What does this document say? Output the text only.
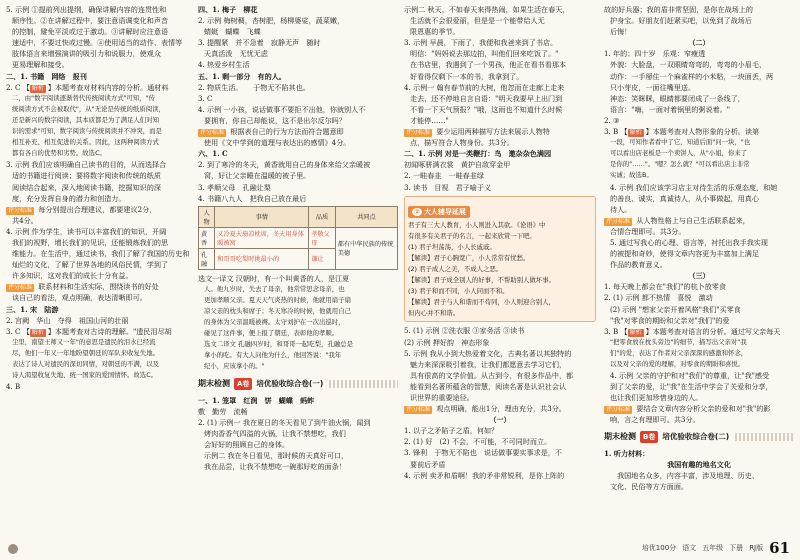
5. 示例 ①提前列出提纲，确保讲解内容的连贯性和
顺序性。②在讲解过程中，要注意语调变化和声音
的控制，避免平淡或过于激动。③讲解时应注意语
速适中，不要过快或过慢。④使用适当的动作、表情等
肢体语言来增强演讲的吸引力和说服力，使观众
更易理解和接受。
二、1. 书籍　网络　报刊
2. C 【 解析 】本题考查对材料内容的分析。通材料
二，由"数字阅读逐渐替代传统阅读方式"可知，"传
统阅读方式不会被取代"，从"无论是传统的纸质阅读，
还是新兴的数字阅读，其本质都是为了满足人们对知
识的需求"可知，数字阅读与传统阅读并不冲突，而是
相互补充、相互促进的关系。因此，这两种阅读方式
都有各自的优势和劣势。故选C。
3. 示例 我们应该明确自己读书的目的，从而选择合
适的书籍进行阅读；要将数字阅读和传统的纸质
阅读结合起来，深入地阅读书籍，挖掘知识的深
度，充分发挥自身的潜力和创造力。
评分标准 每分别提出合理建议，都要建议2分，
共4分。
4. 示例 作为学生，读书可以丰富我们的知识，开阔
我们的视野，增长我们的见识，还能锻炼我们的思
维能力。在生活中，通过读书，我们了解了我国的历史和
灿烂的文化，了解了世界各地的风俗民情，学到了
许多知识，这对我们的成长十分有益。
评分标准 联系材料和生活实际，围绕读书的好处
谈自己的看法，观点明确，表达清晰即可。
三、1. 宋　陆游
2. 宫阙　华山　夺得　祖国山河的壮丽
3. C 【 解析 】本题考查对古诗的理解。"遗民泪尽胡
尘里，南望王师又一年"的意思是遗民的泪水已经流
尽，他们一年又一年地盼望朝廷的军队来收复失地。
表达了诗人对遗民的深切同情，对朝廷的不满，以及
诗人渴望收复失地、统一国家的爱国情怀。故选C。
4. B
四、1. 梅子　柳花
2. 示例 梅树稠，杏树肥，杨柳婆娑，蔬菜嫩，
蜻蜓　蝴蝶　飞蝶
3. 提醒紧　并不急着　寂静无声　随时
天真活泼　无忧无虑
4. 热爱乡村生活
五、1. 剩一部分　有的人。
2. 物质生活。　　于物无不陷其也。
3. C
4. 示例 一小孩，说话做事不要拒不出他，你就别人不
要拥有，你自己却能说，这不是出尔反尔吗？
评分标准 根据表自己的行为方法而符合题意即
使用《文中学到的道理与表达出的感情》4分。
六、1. C
2. 到了寒冷的冬天，黄香就用自己的身体来给父亲暖被
窝，好让父亲睡在温暖的被子里。
3. 孝顺父母　孔融让梨
4. 书籍八九人　把我自己放在最后
人物	事情	品质	共同点
黄香	又冷夏天扇凉枕席，冬天用身体暖被窝	孝敬父母	都有中华民族的传统美德
孔融	和哥哥吃梨时挑最小的	谦让	
选文一译文 汉朝时，有一个叫黄香的人，是江夏
人。他九岁时，失去了母亲，他常常思念母亲，也
更加孝顺父亲。夏天天气炎热的时候，他就用扇子扇
凉父亲的枕头和席子；冬天寒冷的时候，他就用自己
的身体为父亲温暖被褥。太守刘护在一次出巡时，
碰见了这件事，便上报了朝廷，表彰他的孝顺。
选文二译文 孔融四岁时，和哥哥一起吃梨，孔融总是
拿小的吃。有大人问他为什么，他回答说："我年
纪小，应该拿小的。"
期末检测	A卷 培优验收综合卷(一)
一、1. 笼罩　红润　饼　蝴蝶　蚂蚱
敷　勤劳　流畅
2. (1) 示例一 我在夏日的冬天看见了到牛油火锅，闻到
烤肉香香气四溢的火锅，让我不禁想吃，我们
会好好的照顾自己的身体。
示例二 我在冬日看见，那时候的天真好可口，
我在品尝，让我不禁想吃一碗那好吃的面条！
示例二 秋天，不如春天来得热闹，如果生活在春天，
生活就不会很爱丽，但是是一个能带给人无
限恩惠的季节。
3. 示例 早晨，下雨了，我便和我爸来到了书店。
明信："妈妈说去那边拍，叫他们回来吃饭了。"
在书店里，我遇到了一个男孩，他正在看书看那本
好看得仅剩下一本的书，我拿到了。
4. 示例一 翰有春节前的大树，他忽而在走廊上走来
走去，还不停地自言自语："明天我要早上出门到
不看一下天气预报？"哦，这雨也不知道什么时候
才能停……"
评分标准 要少运用两种描写方法来展示人物特
点，描写符合人物身份。共3分。
二、1. 示例 对是一类鞭打：鸟　邀杂杂色满园
初闻啄骈满衣裳　黄护自敌穿金甲
2. 一畦春韭　一畦春韭绿
3. 读书　目视　君子喻于义
② 大人辅导延展
君子有三大人教育，小人则进入其欲。《论语》中
有很多有关君子的名言，一起来欣赏一下吧。
(1) 君子坦荡荡，小人长戚戚。
【解读】君子心胸宽广，小人常常有忧愁。
(2) 君子成人之美，不成人之恶。
【解读】君子成全别人的好事，不帮助别人做坏事。
(3) 君子和而不同，小人同而不和。
【解读】君子与人和谐而不苟同，小人则迎合别人，
但内心并不和谐。
5. (1) 示例 ②洗衣服 ③家务活 ③读书
(2) 示例 押好韵　神态形象
5. 示例 我从小到大热爱着文化，古典名著以其独特的
魅力来深深吸引着我，让我们都愿意去学习它们，
具有很高的文学价值。从古到今，有很多作品中，都
能看到名著所蕴含的智慧，阅读名著是认识社会认
识世界的重要途径。
评分标准 观点明确，能出1分，理由充分，共3分。
（一）
1. 以子之矛陷子之盾，何如？
2. (1) 好　(2) 不会，不可能，不可同时而立。
3. 锋利　于物无不陷也　说话做事要实事求是，不
要前后矛盾
4. 示例 卖矛和盾啊！我的矛非常锐利，是你上阵的
故的好兵器；我的盾非常坚固，是你在战场上的
护身宝。好朋友们赶紧买吧，以免到了战场后
后悔！
（二）
1. 年的；四十岁　乐观：窄瘦透
外貌：大脸盘，一双眼睛弯弯的，弯弯的小眉毛，
动作：一手掰住一个麻雀样的小米粘，一块面丢，两
只小芽皮，一面往嘴里送。
神态：笑眯眯，眼睛都要闭成了一条线了，
语言："嗨，一面对着锅里的粥说着。"
2. ③
3. B 【 解析 】本题考查对人物形象的分析。读第
一段，可知作者看中了它，知道后面"问一块，"也
可以看出店老板是一个卖饼人，从"小姐，你来了
是你的"……"。"嗯？怎么就？"可以看出店主非常
实诚；故选B。
4. 示例 我们应该学习店主对待生活的乐观态度，和她
的善良、诚实，真诚待人，从小事做起，用真心
待人。
评分标准 从人物性格上与自己生活联系起来，
合情合理即可。共3分。
5. 通过写我心的心理、语言等，衬托出我手我实现
的被提和奇妙，使得文章内容更为丰富加上满足
作品的教育意义。
（三）
1. 每天晚上都会在"我们"的杭卜放零食
2. (1) 示例 都不热情　喜悦　激动
(2) 示例 "想家父亲开着风格"我们"买零食
"我"对零食的期盼和父亲对"我们"的爱
3. B 【 解析 】本题考查对语言的分析。通过写父亲每天
"把零食放在枕头旁边"的细节，描写出父亲对"我
们"的爱，表达了作者对父亲深深的感激和怀念，
以及对父亲的爱的理解，对零食的期盼和喜悦。
4. 示例 父亲的守护和对"我们"的尊重，让"我"感受
到了父亲的爱，让"我"在生活中学会了关爱和分享，
也让我们更加珍惜身边的人。
评分标准 要结合文章内容分析父亲的爱和对"我"的影
响，言之有理即可。共3分。
期末检测	B卷 培优验收综合卷(二)
1. 听力材料：
我国有趣的地名文化
　我国地名众多，内容丰富，涉及地理、历史、
文化、民俗等方方面面。
培优100分 语文 五年级 下册 RJ版 61
